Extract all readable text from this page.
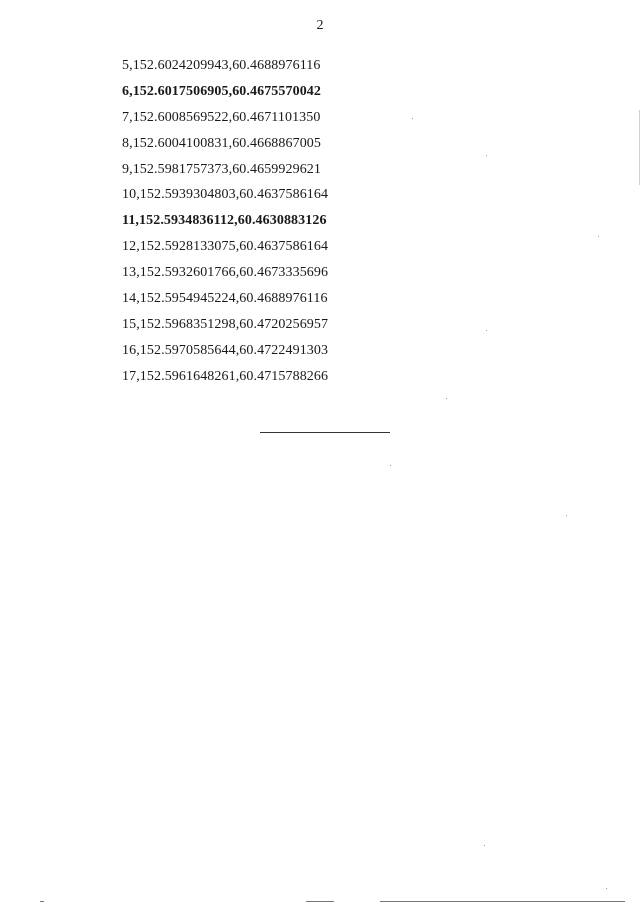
2
5,152.6024209943,60.4688976116
6,152.6017506905,60.4675570042
7,152.6008569522,60.4671101350
8,152.6004100831,60.4668867005
9,152.5981757373,60.4659929621
10,152.5939304803,60.4637586164
11,152.5934836112,60.4630883126
12,152.5928133075,60.4637586164
13,152.5932601766,60.4673335696
14,152.5954945224,60.4688976116
15,152.5968351298,60.4720256957
16,152.5970585644,60.4722491303
17,152.5961648261,60.4715788266
